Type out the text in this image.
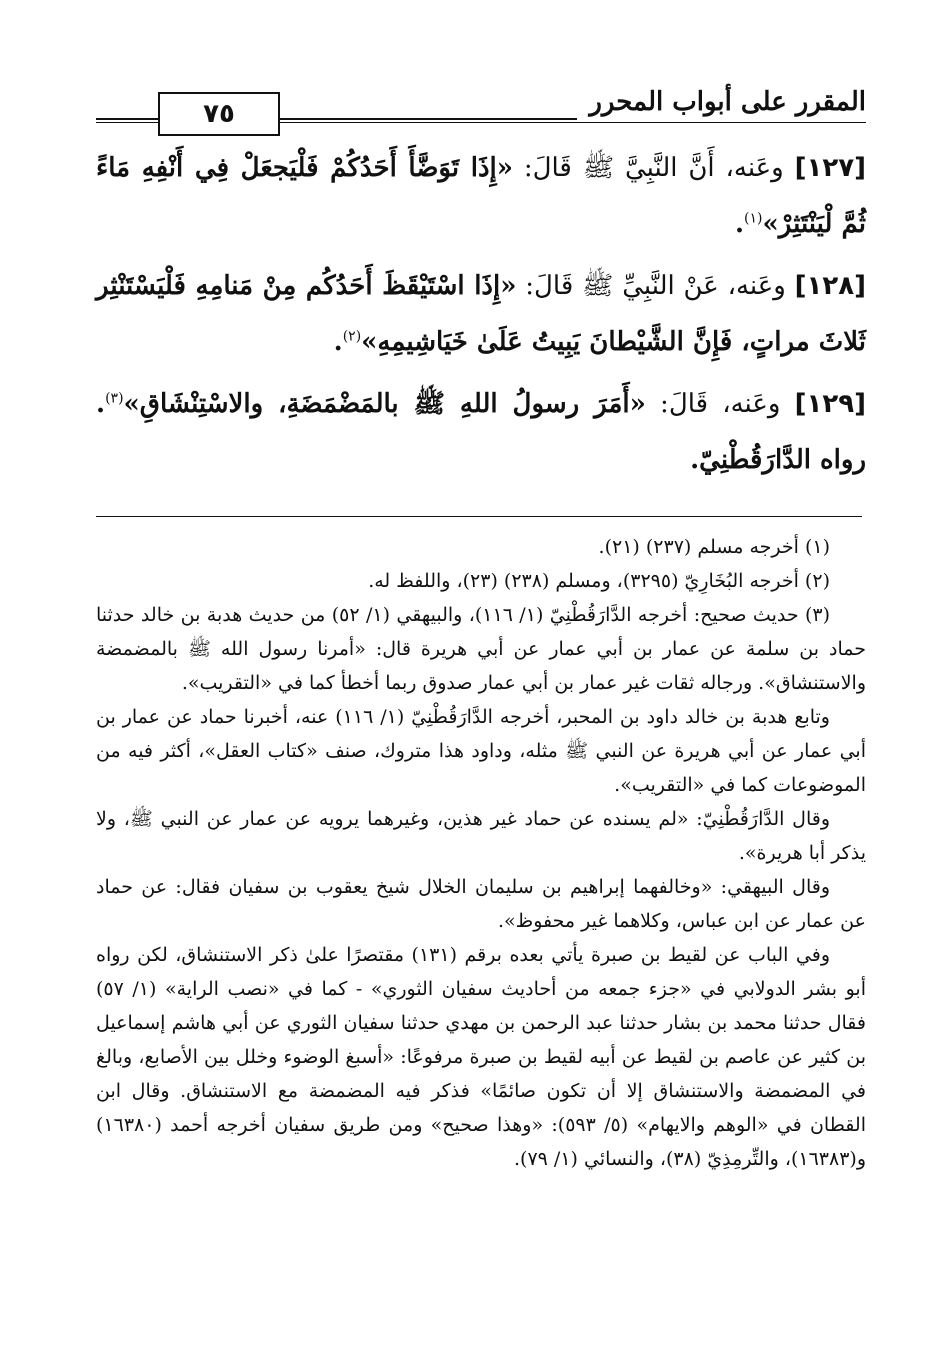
٧٥	المقرر على أبواب المحرر

[١٢٧] وعَنه، أَنَّ النَّبِيَّ ﷺ قَالَ: «إِذَا تَوَضَّأَ أَحَدُكُمْ فَلْيَجعَلْ فِي أَنْفِهِ مَاءً ثُمَّ لْيَنْتَثِرْ»$^{(١)}$.

[١٢٨] وعَنه، عَنْ النَّبِيِّ ﷺ قَالَ: «إِذَا اسْتَيْقَظَ أَحَدُكُم مِنْ مَنامِهِ فَلْيَسْتَنْثِر ثَلاثَ مراتٍ، فَإِنَّ الشَّيْطانَ يَبِيتُ عَلَىٰ خَيَاشِيمِهِ»$^{(٢)}$.

[١٢٩] وعَنه، قَالَ: «أَمَرَ رسولُ اللهِ ﷺ بالمَضْمَضَةِ، والاسْتِنْشَاقِ»$^{(٣)}$. رواه الدَّارَقُطْنِيّ.

(١) أخرجه مسلم (٢٣٧) (٢١).

(٢) أخرجه البُخَارِيّ (٣٢٩٥)، ومسلم (٢٣٨) (٢٣)، واللفظ له.

(٣) حديث صحيح: أخرجه الدَّارَقُطْنِيّ (١/ ١١٦)، والبيهقي (١/ ٥٢) من حديث هدبة بن خالد حدثنا حماد بن سلمة عن عمار بن أبي عمار عن أبي هريرة قال: «أمرنا رسول الله ﷺ بالمضمضة والاستنشاق». ورجاله ثقات غير عمار بن أبي عمار صدوق ربما أخطأ كما في «التقريب».

وتابع هدبة بن خالد داود بن المحبر، أخرجه الدَّارَقُطْنِيّ (١/ ١١٦) عنه، أخبرنا حماد عن عمار بن أبي عمار عن أبي هريرة عن النبي ﷺ مثله، وداود هذا متروك، صنف «كتاب العقل»، أكثر فيه من الموضوعات كما في «التقريب».

وقال الدَّارَقُطْنِيّ: «لم يسنده عن حماد غير هذين، وغيرهما يرويه عن عمار عن النبي ﷺ، ولا يذكر أبا هريرة».

وقال البيهقي: «وخالفهما إبراهيم بن سليمان الخلال شيخ يعقوب بن سفيان فقال: عن حماد عن عمار عن ابن عباس، وكلاهما غير محفوظ».

وفي الباب عن لقيط بن صبرة يأتي بعده برقم (١٣١) مقتصرًا علىٰ ذكر الاستنشاق، لكن رواه أبو بشر الدولابي في «جزء جمعه من أحاديث سفيان الثوري» - كما في «نصب الراية» (١/ ٥٧) فقال حدثنا محمد بن بشار حدثنا عبد الرحمن بن مهدي حدثنا سفيان الثوري عن أبي هاشم إسماعيل بن كثير عن عاصم بن لقيط عن أبيه لقيط بن صبرة مرفوعًا: «أسبغ الوضوء وخلل بين الأصابع، وبالغ في المضمضة والاستنشاق إلا أن تكون صائمًا» فذكر فيه المضمضة مع الاستنشاق. وقال ابن القطان في «الوهم والايهام» (٥/ ٥٩٣): «وهذا صحيح» ومن طريق سفيان أخرجه أحمد (١٦٣٨٠) و(١٦٣٨٣)، والتِّرمِذِيّ (٣٨)، والنسائي (١/ ٧٩).
